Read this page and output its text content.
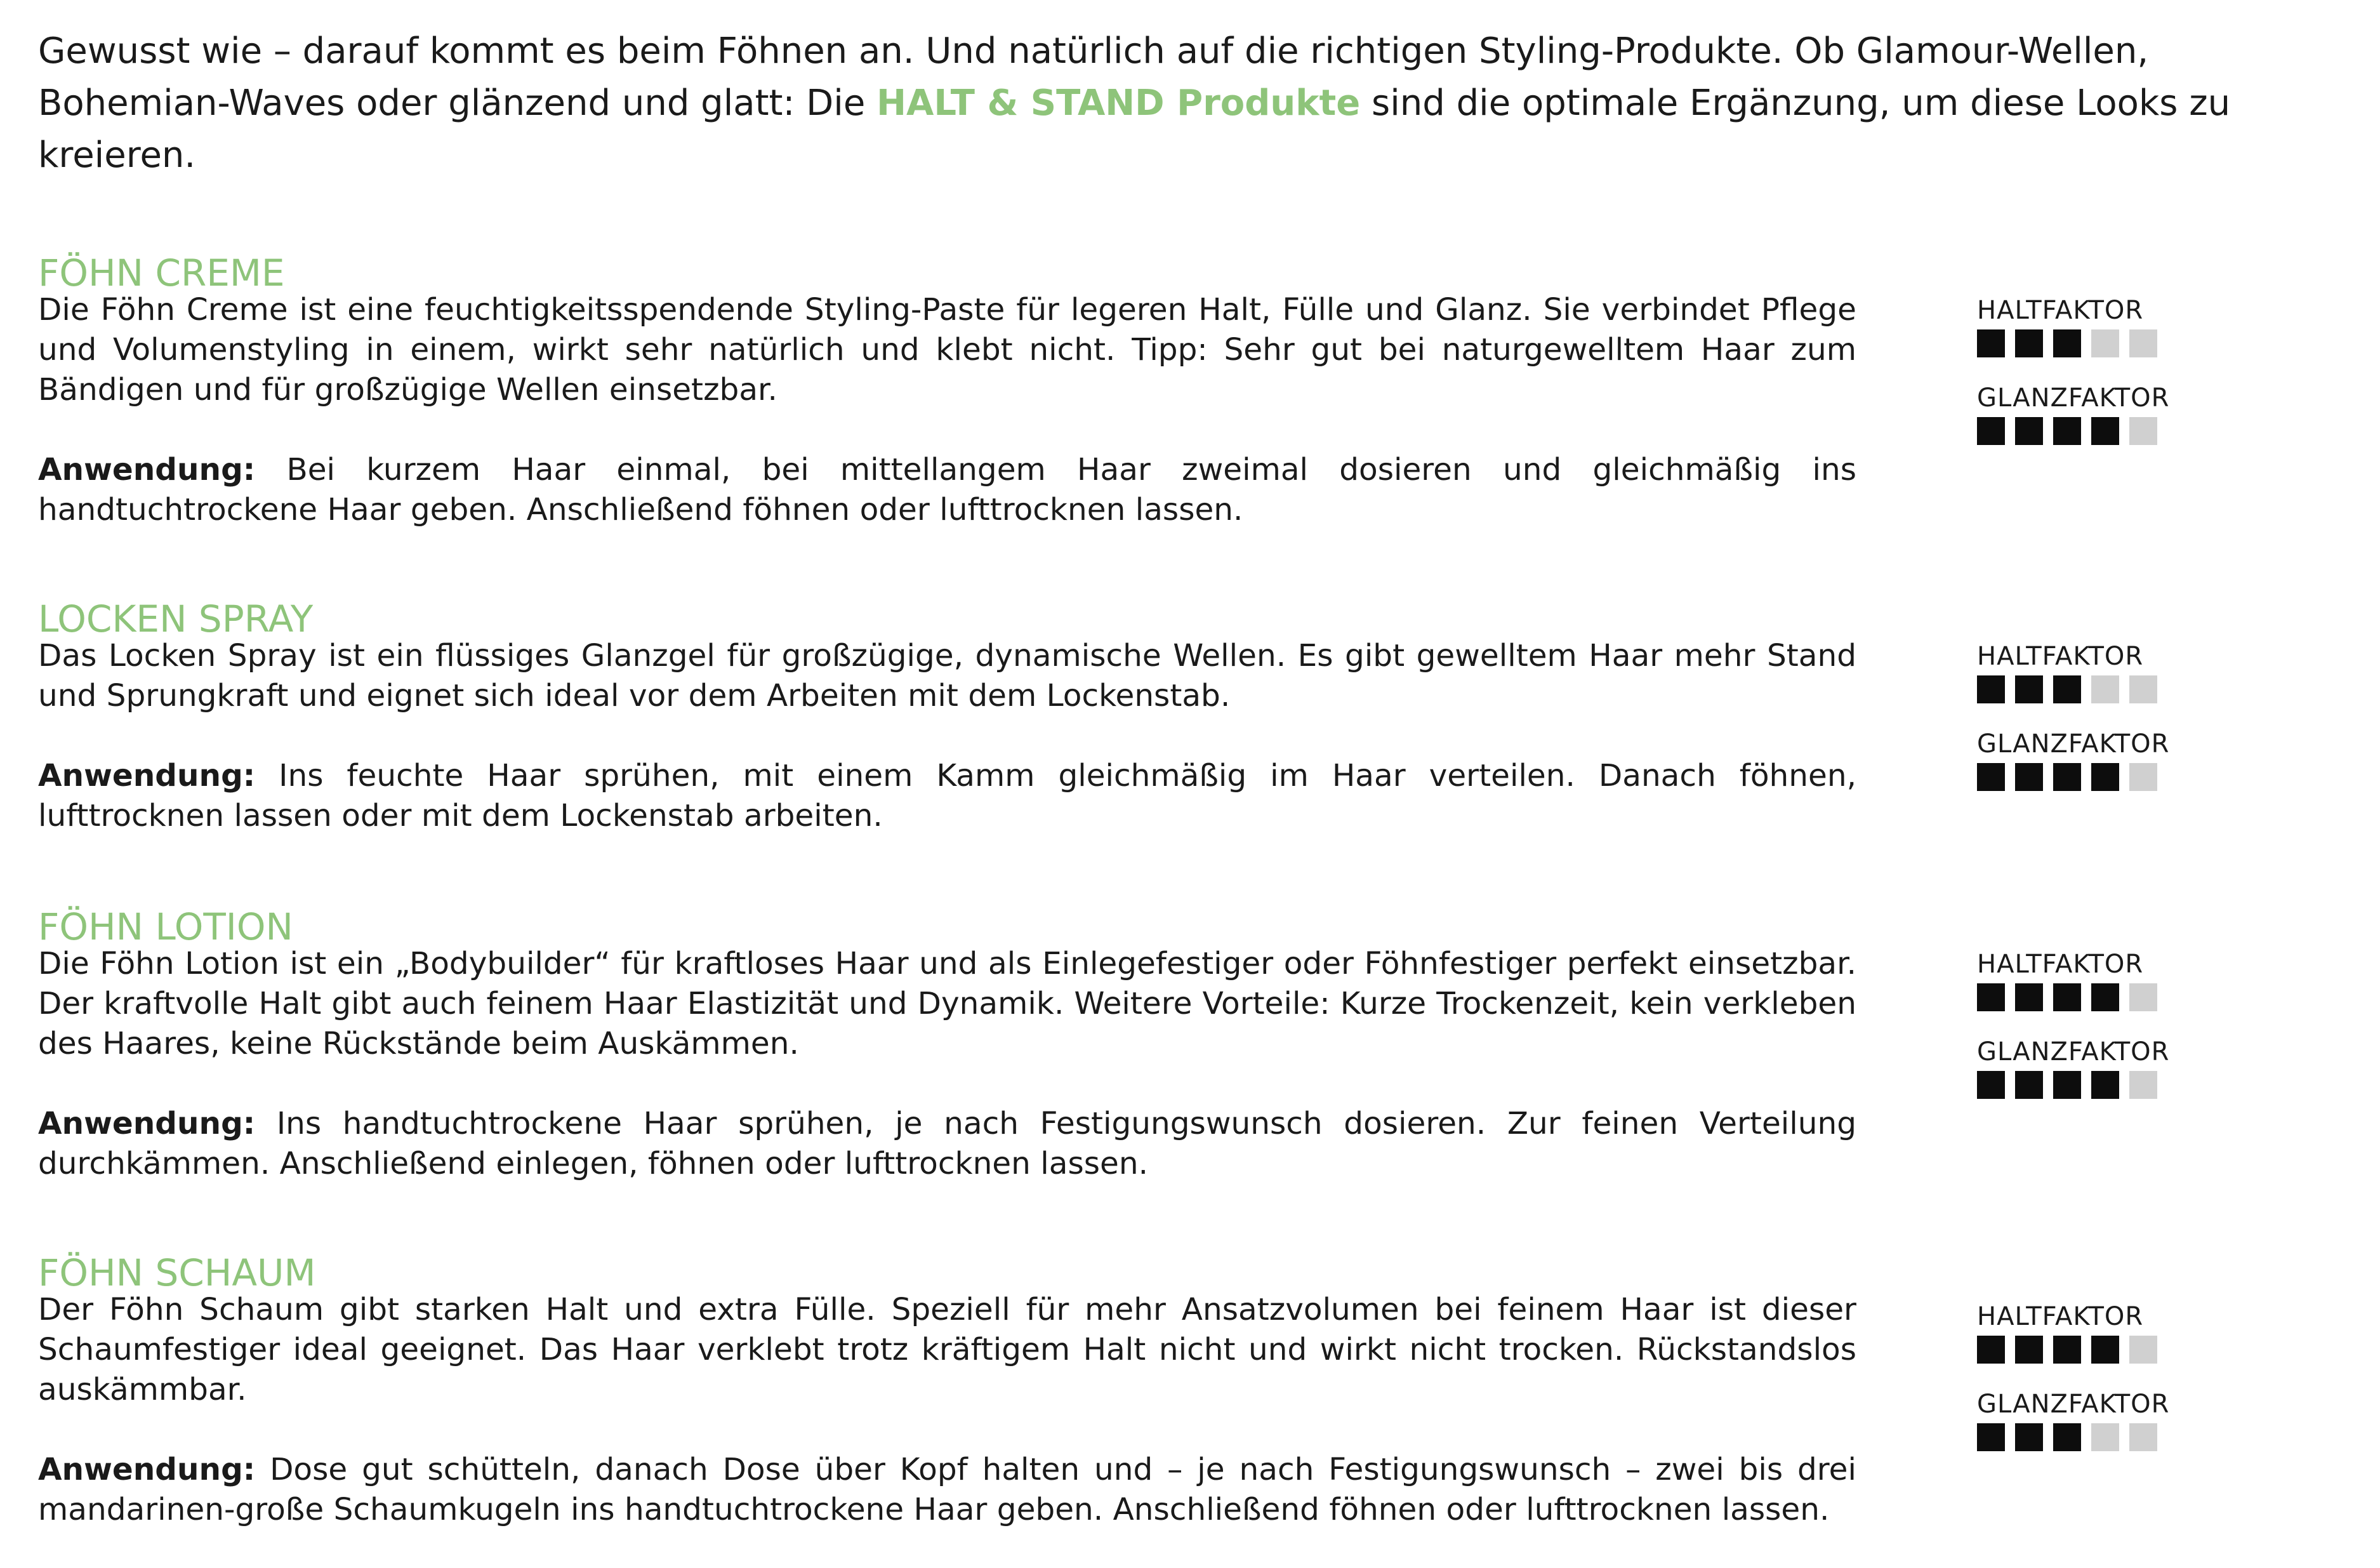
Gewusst wie – darauf kommt es beim Föhnen an. Und natürlich auf die richtigen Styling-Produkte. Ob Glamour-Wellen, Bohemian-Waves oder glänzend und glatt: Die HALT & STAND Produkte sind die optimale Ergänzung, um diese Looks zu kreieren.

FÖHN CREME

Die Föhn Creme ist eine feuchtigkeitsspendende Styling-Paste für legeren Halt, Fülle und Glanz. Sie verbindet Pflege und Volumenstyling in einem, wirkt sehr natürlich und klebt nicht. Tipp: Sehr gut bei naturgewelltem Haar zum Bändigen und für großzügige Wellen einsetzbar.

Anwendung: Bei kurzem Haar einmal, bei mittellangem Haar zweimal dosieren und gleichmäßig ins handtuchtrockene Haar geben. Anschließend föhnen oder lufttrocknen lassen.

HALTFAKTOR
GLANZFAKTOR
LOCKEN SPRAY

Das Locken Spray ist ein flüssiges Glanzgel für großzügige, dynamische Wellen. Es gibt gewelltem Haar mehr Stand und Sprungkraft und eignet sich ideal vor dem Arbeiten mit dem Lockenstab.

Anwendung: Ins feuchte Haar sprühen, mit einem Kamm gleichmäßig im Haar verteilen. Danach föhnen, lufttrocknen lassen oder mit dem Lockenstab arbeiten.

HALTFAKTOR
GLANZFAKTOR
FÖHN LOTION

Die Föhn Lotion ist ein „Bodybuilder“ für kraftloses Haar und als Einlegefestiger oder Föhnfestiger perfekt einsetzbar. Der kraftvolle Halt gibt auch feinem Haar Elastizität und Dynamik. Weitere Vorteile: Kurze Trockenzeit, kein verkleben des Haares, keine Rückstände beim Auskämmen.

Anwendung: Ins handtuchtrockene Haar sprühen, je nach Festigungswunsch dosieren. Zur feinen Verteilung durchkämmen. Anschließend einlegen, föhnen oder lufttrocknen lassen.

HALTFAKTOR
GLANZFAKTOR
FÖHN SCHAUM

Der Föhn Schaum gibt starken Halt und extra Fülle. Speziell für mehr Ansatzvolumen bei feinem Haar ist dieser Schaumfestiger ideal geeignet. Das Haar verklebt trotz kräftigem Halt nicht und wirkt nicht trocken. Rückstandslos auskämmbar.

Anwendung: Dose gut schütteln, danach Dose über Kopf halten und – je nach Festigungswunsch – zwei bis drei mandarinen-große Schaumkugeln ins handtuchtrockene Haar geben. Anschließend föhnen oder lufttrocknen lassen.

HALTFAKTOR
GLANZFAKTOR
